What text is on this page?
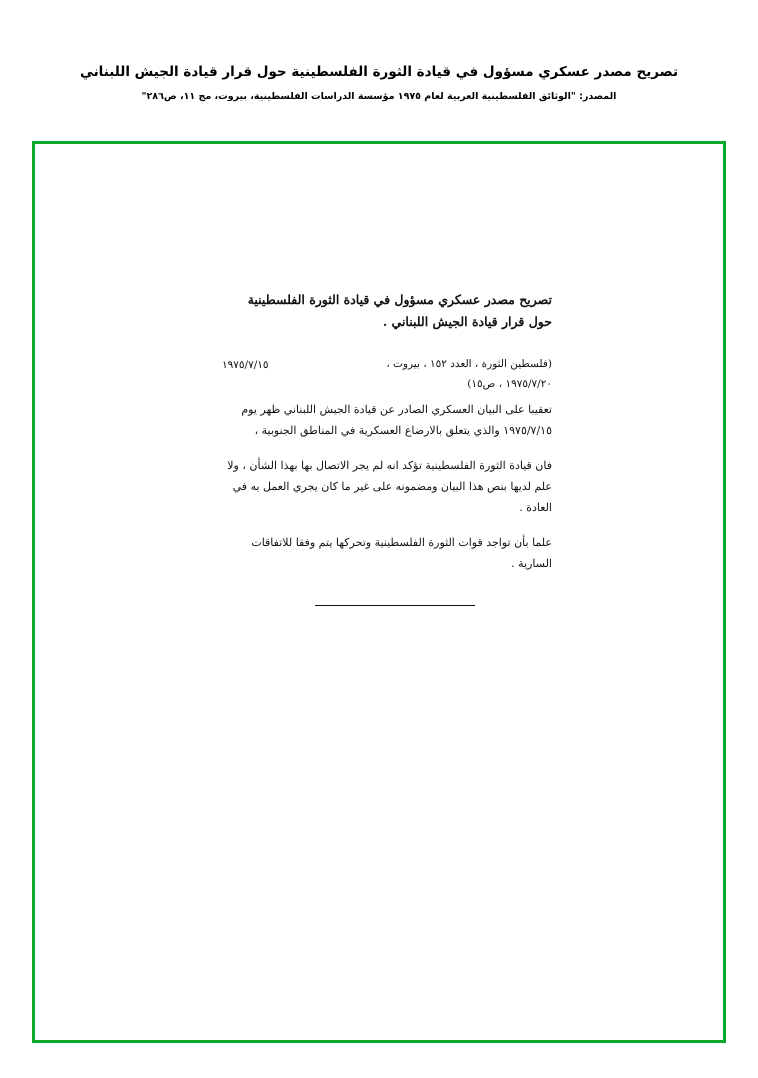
تصريح مصدر عسكري مسؤول في قيادة الثورة الفلسطينية حول قرار قيادة الجيش اللبناني
المصدر: "الوثائق الفلسطينية العربية لعام ١٩٧٥ مؤسسة الدراسات الفلسطينية، بيروت، مج ١١، ص٢٨٦"
تصريح مصدر عسكري مسؤول في قيادة الثورة الفلسطينية حول قرار قيادة الجيش اللبناني .
١٩٧٥/٧/١٥	(فلسطين الثورة ، العدد ١٥٢ ، بيروت ، ١٩٧٥/٧/٢٠ ، ص١٥)

تعقيبا على البيان العسكري الصادر عن قيادة الجيش اللبناني ظهر يوم ١٩٧٥/٧/١٥ والذي يتعلق بالارضاع العسكرية في المناطق الجنوبية ،

فان قيادة الثورة الفلسطينية تؤكد انه لم يجر الاتصال بها بهذا الشأن ، ولا علم لديها بنص هذا البيان ومضمونه على غير ما كان يجري العمل به في العادة .

علما بأن تواجد قوات الثورة الفلسطينية وتحركها يتم وفقا للاتفاقات السارية .
